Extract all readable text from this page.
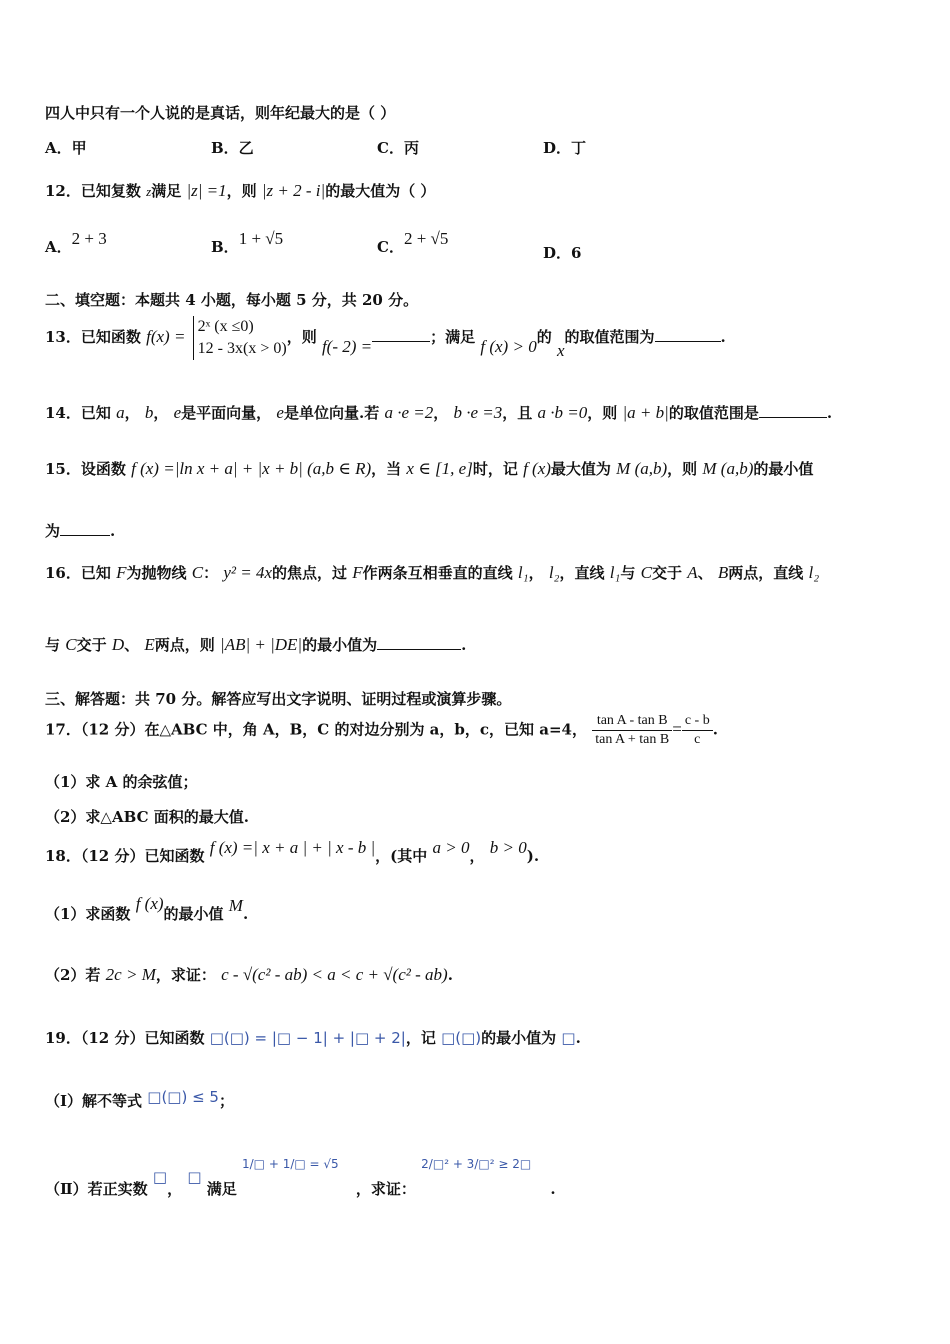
四人中只有一个人说的是真话，则年纪最大的是（ ）
A．甲	B．乙	C．丙	D．丁
12．已知复数 z满足 |z| =1，则 |z + 2 - i|的最大值为（ ）
A．2 + 3	B．1 + √5	C．2 + √5
D．6
二、填空题：本题共 4 小题，每小题 5 分，共 20 分。
13．已知函数 f(x) =
2ˣ (x ≤0)
12 - 3x(x > 0)
，则 f(- 2) =	；满足 f (x) > 0的 x的取值范围为	.
14．已知 a， b， e是平面向量， e是单位向量.若 a ·e =2， b ·e =3，且 a ·b =0，则 |a + b|的取值范围是	.
15．设函数 f (x) =|ln x + a| + |x + b| (a,b ∈ R)，当 x ∈ [1, e]时，记 f (x)最大值为 M (a,b)，则 M (a,b)的最小值
为	.
16．已知 F为抛物线 C： y² = 4x的焦点，过 F作两条互相垂直的直线 l₁， l₂，直线 l₁与 C交于 A、 B两点，直线 l₂
与 C交于 D、 E两点，则 |AB| + |DE|的最小值为	.
三、解答题：共 70 分。解答应写出文字说明、证明过程或演算步骤。
17．（12 分）在△ABC 中，角 A，B，C 的对边分别为 a，b，c，已知 a=4， $\frac{\text{tan A - tan B}}{\text{tan A + tan B}} = \frac{c - b}{c}$ .
（1）求 A 的余弦值；
（2）求△ABC 面积的最大值.
18．（12 分）已知函数 f (x) =| x + a | + | x - b |，(其中 a > 0， b > 0).
（1）求函数 f (x)的最小值 M.
（2）若 2c > M，求证： c - √(c² - ab) < a < c + √(c² - ab).
19．（12 分）已知函数 □(□) = |□ − 1| + |□ + 2|，记 □(□)的最小值为 □.
（Ⅰ）解不等式 □(□) ≤ 5；
（Ⅱ）若正实数 □， □ 满足 $^{1/□ + 1/□ = √5}$ ，求证： $^{2/□^2 + 3/□^2 \ge 2□}$ .
